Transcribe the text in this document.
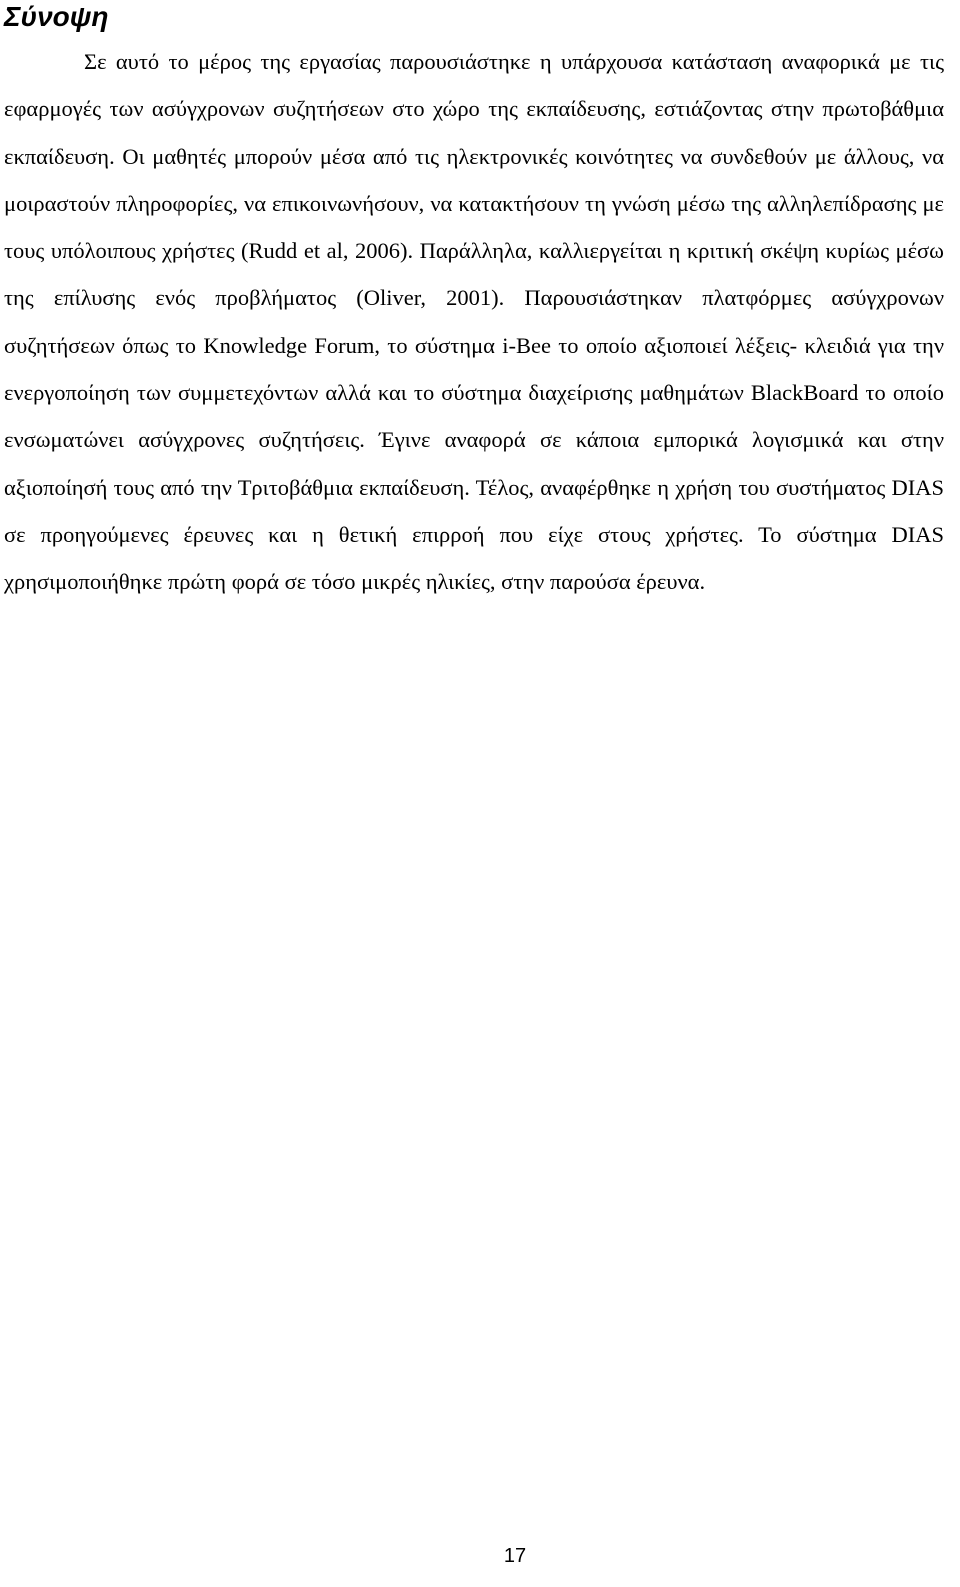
Σύνοψη

Σε αυτό το μέρος της εργασίας παρουσιάστηκε η υπάρχουσα κατάσταση αναφορικά με τις εφαρμογές των ασύγχρονων συζητήσεων στο χώρο της εκπαίδευσης, εστιάζοντας στην πρωτοβάθμια εκπαίδευση. Οι μαθητές μπορούν μέσα από τις ηλεκτρονικές κοινότητες να συνδεθούν με άλλους, να μοιραστούν πληροφορίες, να επικοινωνήσουν, να κατακτήσουν τη γνώση μέσω της αλληλεπίδρασης με τους υπόλοιπους χρήστες (Rudd et al, 2006). Παράλληλα, καλλιεργείται η κριτική σκέψη κυρίως μέσω της επίλυσης ενός προβλήματος (Oliver, 2001). Παρουσιάστηκαν πλατφόρμες ασύγχρονων συζητήσεων όπως το Knowledge Forum, το σύστημα i-Bee το οποίο αξιοποιεί λέξεις- κλειδιά για την ενεργοποίηση των συμμετεχόντων αλλά και το σύστημα διαχείρισης μαθημάτων BlackBoard το οποίο ενσωματώνει ασύγχρονες συζητήσεις. Έγινε αναφορά σε κάποια εμπορικά λογισμικά και στην αξιοποίησή τους από την Τριτοβάθμια εκπαίδευση. Τέλος, αναφέρθηκε η χρήση του συστήματος DIAS σε προηγούμενες έρευνες και η θετική επιρροή που είχε στους χρήστες. Το σύστημα DIAS χρησιμοποιήθηκε πρώτη φορά σε τόσο μικρές ηλικίες, στην παρούσα έρευνα.

17
